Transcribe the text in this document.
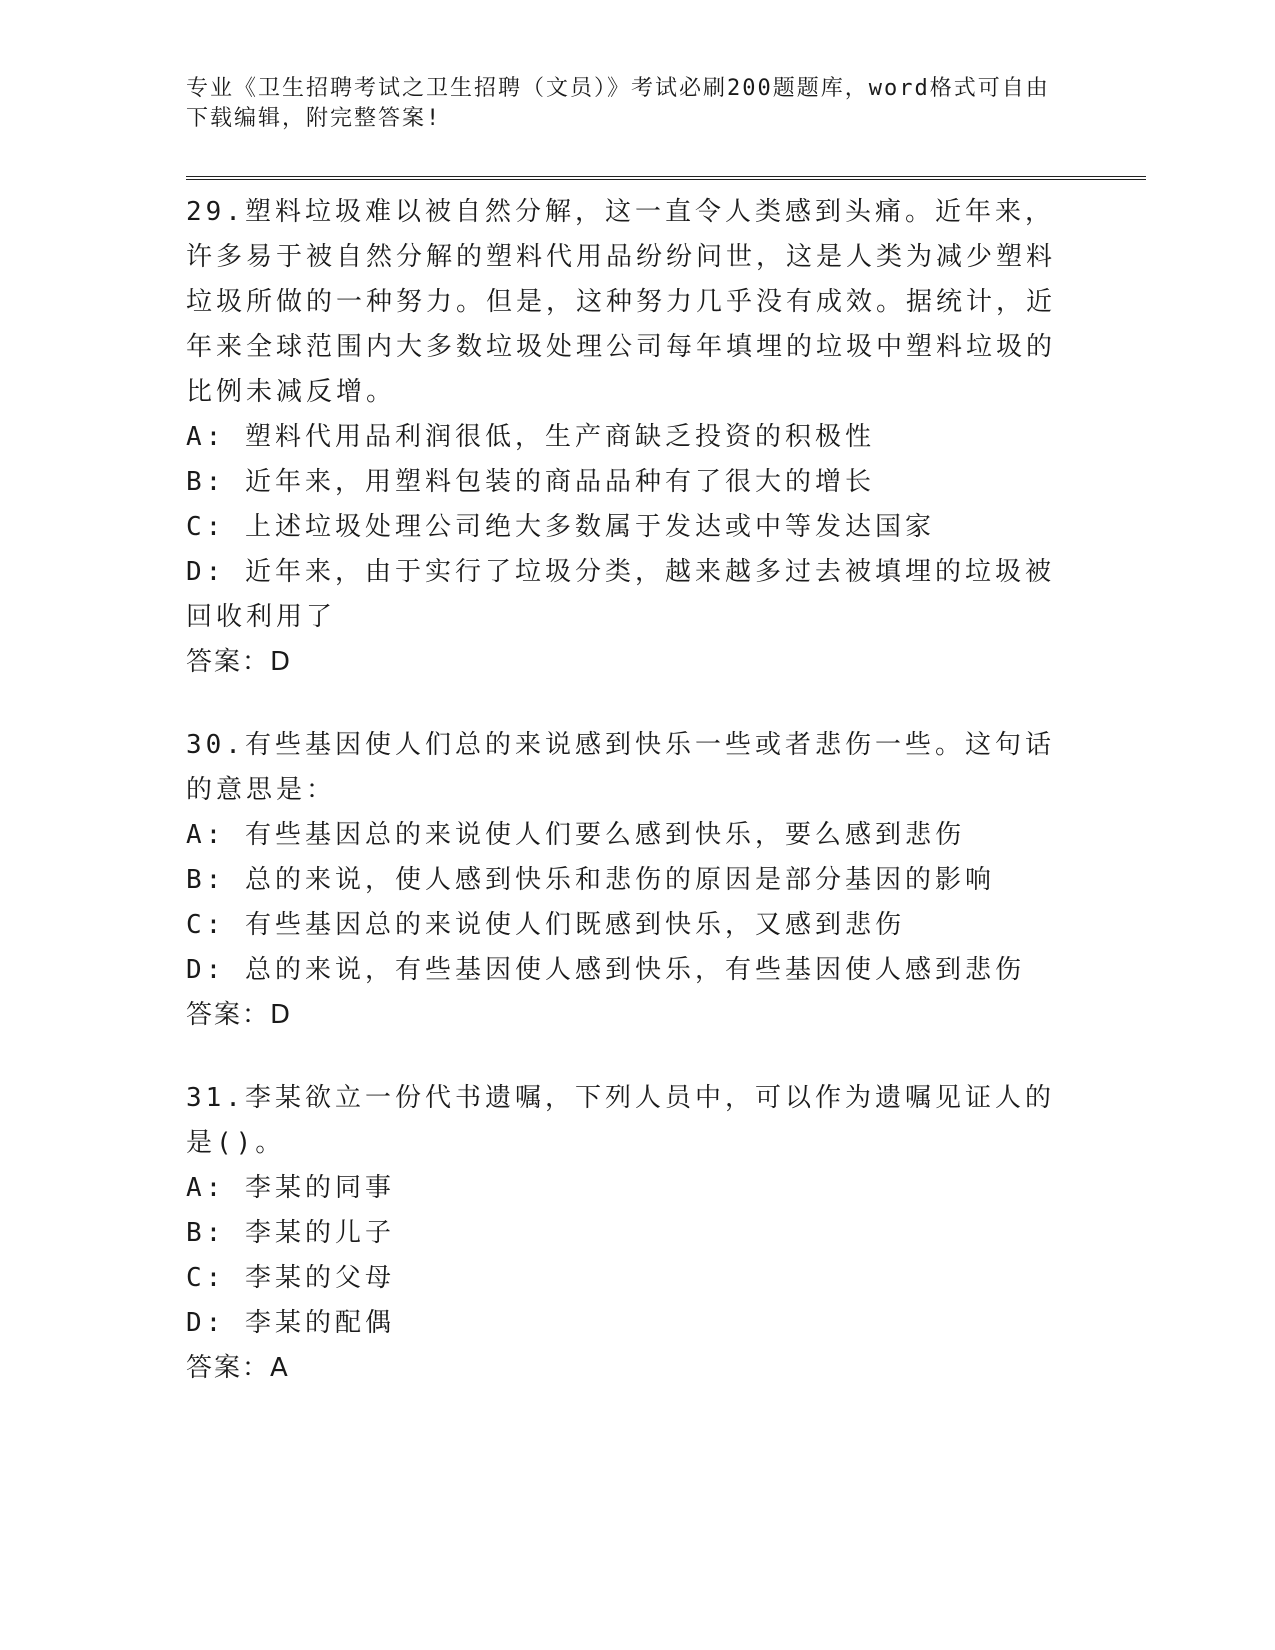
专业《卫生招聘考试之卫生招聘（文员）》考试必刷200题题库，word格式可自由下载编辑，附完整答案!

29.塑料垃圾难以被自然分解，这一直令人类感到头痛。近年来，许多易于被自然分解的塑料代用品纷纷问世，这是人类为减少塑料垃圾所做的一种努力。但是，这种努力几乎没有成效。据统计，近年来全球范围内大多数垃圾处理公司每年填埋的垃圾中塑料垃圾的比例未减反增。

A: 塑料代用品利润很低，生产商缺乏投资的积极性

B: 近年来，用塑料包装的商品品种有了很大的增长

C: 上述垃圾处理公司绝大多数属于发达或中等发达国家

D: 近年来，由于实行了垃圾分类，越来越多过去被填埋的垃圾被回收利用了

答案：D

30.有些基因使人们总的来说感到快乐一些或者悲伤一些。这句话的意思是：

A: 有些基因总的来说使人们要么感到快乐，要么感到悲伤

B: 总的来说，使人感到快乐和悲伤的原因是部分基因的影响

C: 有些基因总的来说使人们既感到快乐，又感到悲伤

D: 总的来说，有些基因使人感到快乐，有些基因使人感到悲伤

答案：D

31.李某欲立一份代书遗嘱，下列人员中，可以作为遗嘱见证人的是()。

A: 李某的同事

B: 李某的儿子

C: 李某的父母

D: 李某的配偶

答案：A
